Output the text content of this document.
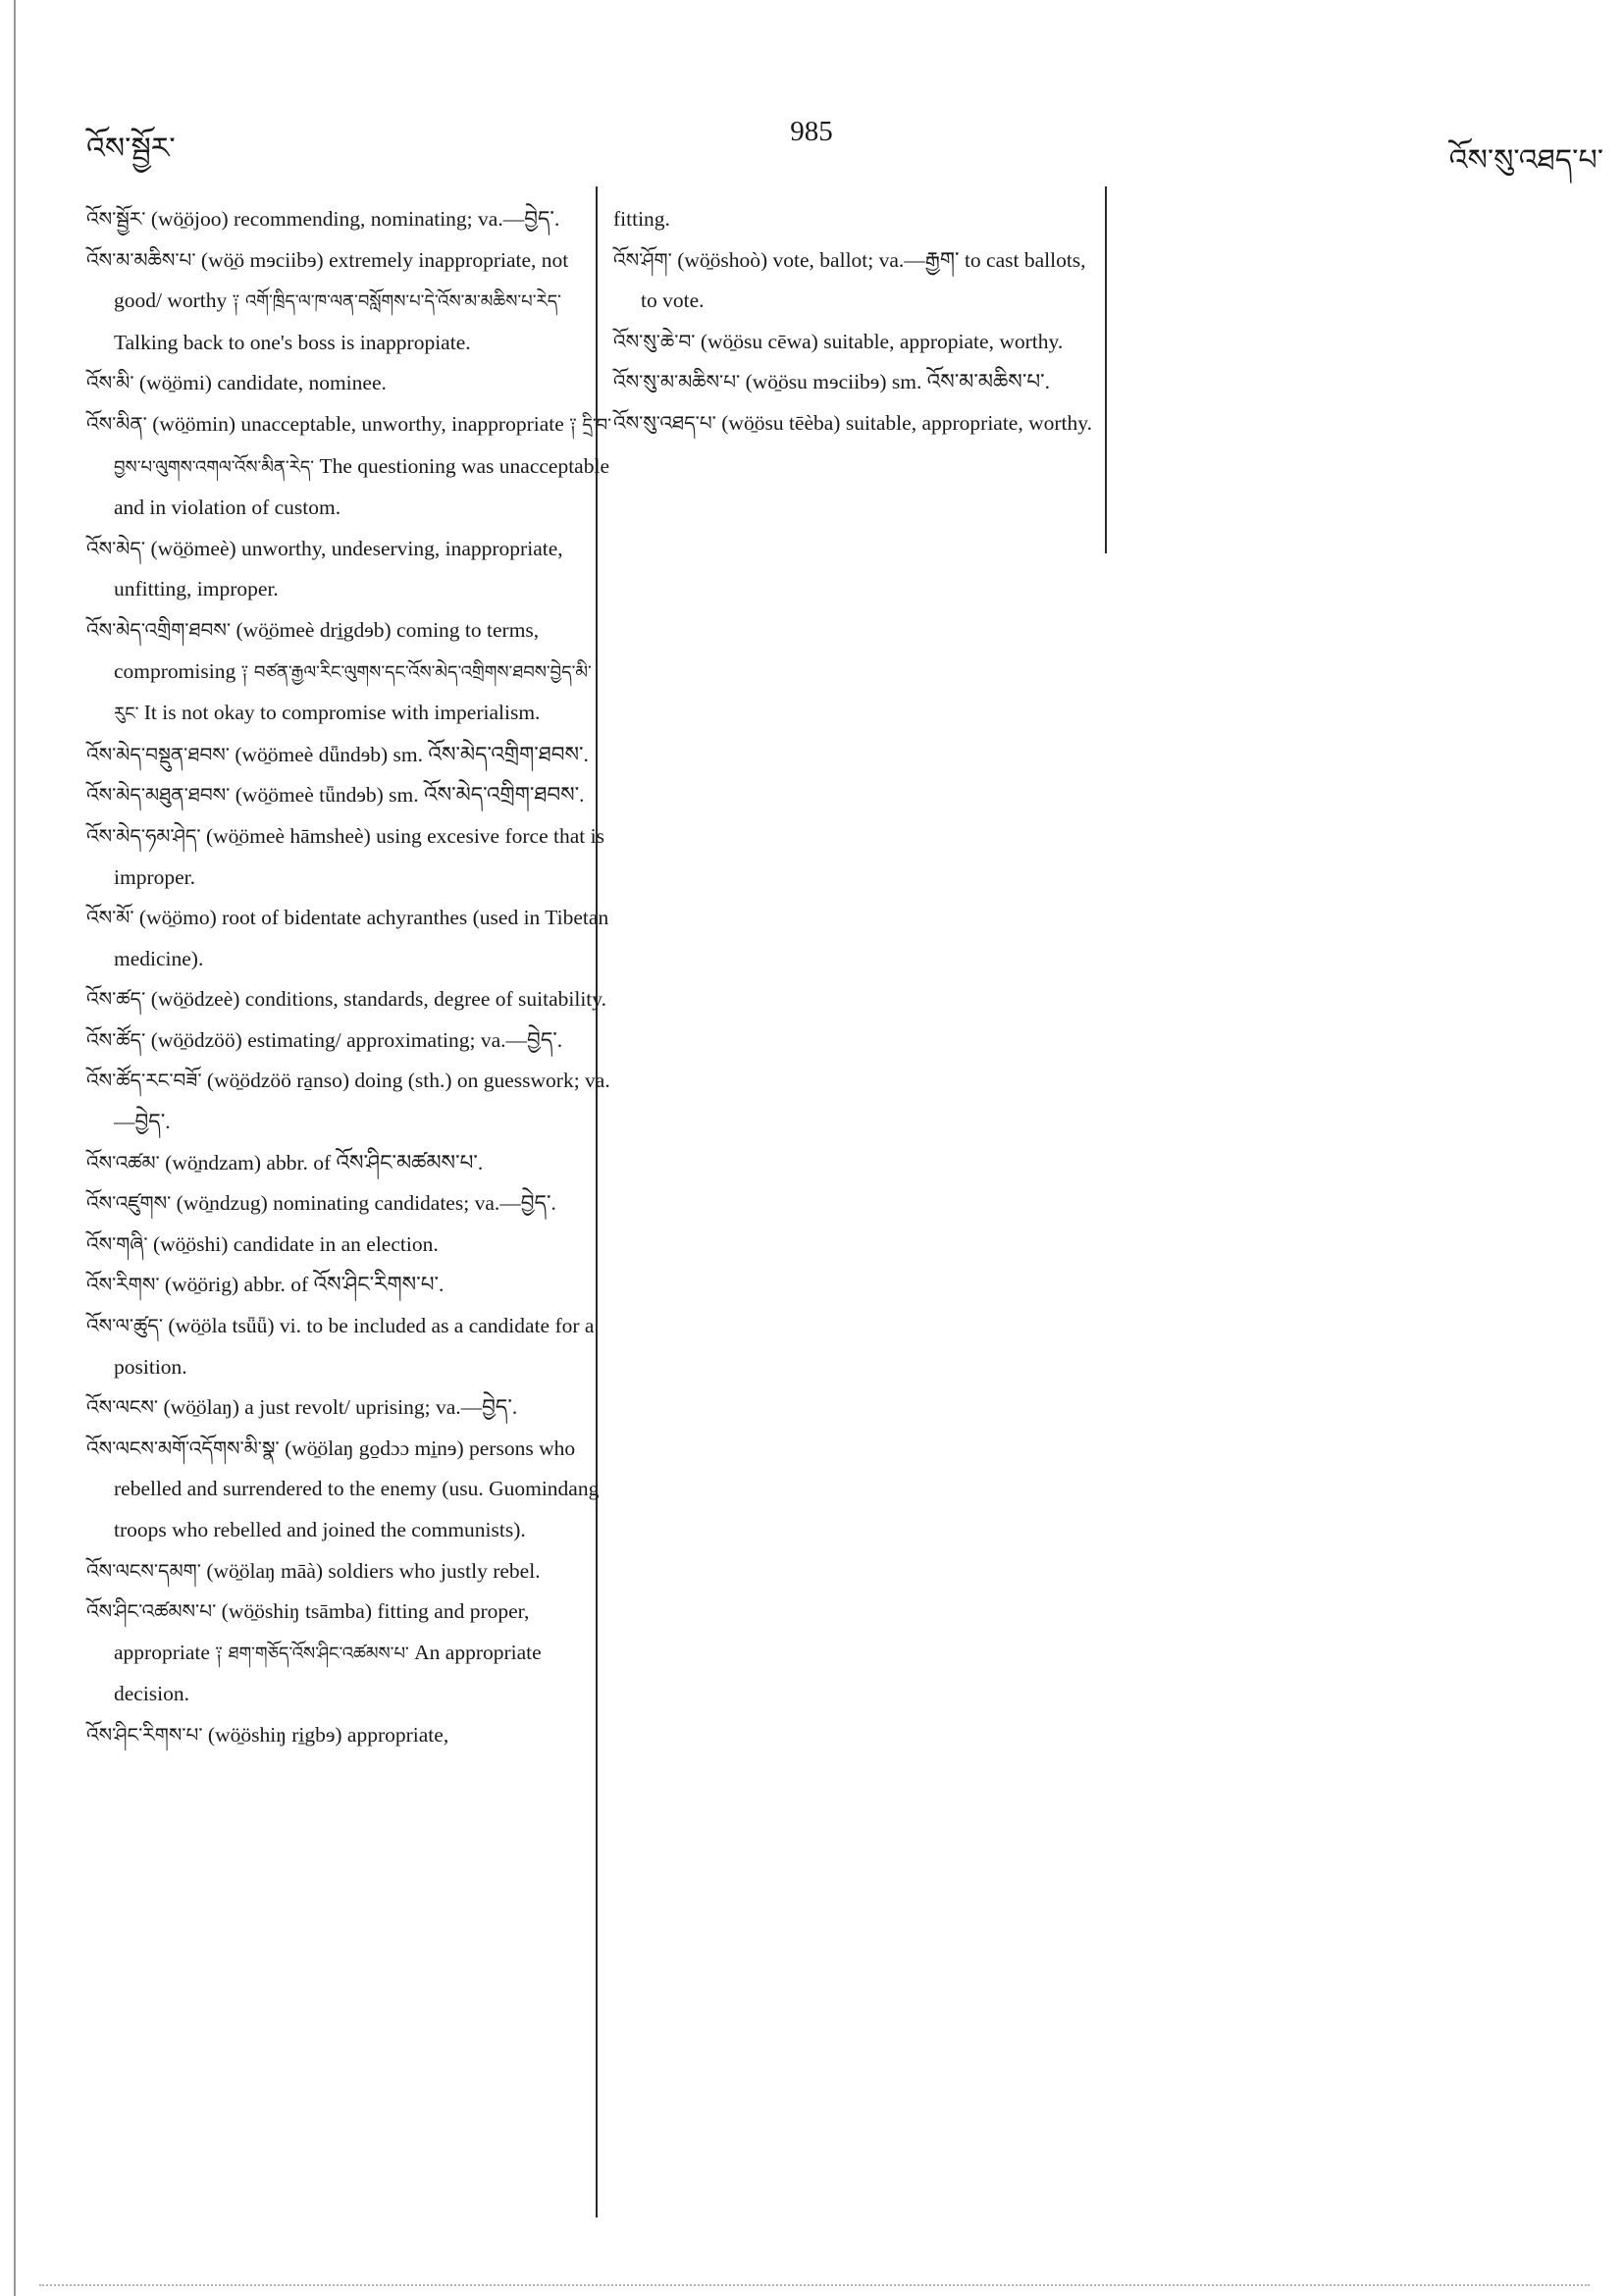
འོས་སྦྱོར་
985
འོས་སུ་འཐད་པ་

འོས་སྦྱོར་ (wö̱öjoo) recommending, nominating; va.—བྱེད་.

འོས་མ་མཆིས་པ་ (wö̱ö mɘciibɘ) extremely inappropriate, not good/ worthy ༑ འགོ་ཁྲིད་ལ་ཁ་ལན་བསློགས་པ་དེ་འོས་མ་མཆིས་པ་རེད་ Talking back to one's boss is inappropiate.

འོས་མི་ (wö̱ömi) candidate, nominee.

འོས་མིན་ (wö̱ömin) unacceptable, unworthy, inappropriate ༑ དྲི་བ་བྱས་པ་ལུགས་འགལ་འོས་མིན་རེད་ The questioning was unacceptable and in violation of custom.

འོས་མེད་ (wö̱ömeè) unworthy, undeserving, inappropriate, unfitting, improper.

འོས་མེད་འགྲིག་ཐབས་ (wö̱ömeè dri̱gdɘb) coming to terms, compromising ༑ བཙན་རྒྱལ་རིང་ལུགས་དང་འོས་མེད་འགྲིགས་ཐབས་བྱེད་མི་རུང་ It is not okay to compromise with imperialism.

འོས་མེད་བསྡུན་ཐབས་ (wö̱ömeè dǖndɘb) sm. འོས་མེད་འགྲིག་ཐབས་.

འོས་མེད་མཐུན་ཐབས་ (wö̱ömeè tǖndɘb) sm. འོས་མེད་འགྲིག་ཐབས་.

འོས་མེད་ཧམ་ཤེད་ (wö̱ömeè hāmsheè) using excesive force that is improper.

འོས་མོ་ (wö̱ömo) root of bidentate achyranthes (used in Tibetan medicine).

འོས་ཚད་ (wö̱ödzeè) conditions, standards, degree of suitability.

འོས་ཚོད་ (wö̱ödzöö) estimating/ approximating; va.—བྱེད་.

འོས་ཚོད་རང་བཟོ་ (wö̱ödzöö ra̱nso) doing (sth.) on guesswork; va.—བྱེད་.

འོས་འཚམ་ (wö̱ndzam) abbr. of འོས་ཤིང་མཚམས་པ་.

འོས་འཛུགས་ (wö̱ndzug) nominating candidates; va.—བྱེད་.

འོས་གཞི་ (wö̱öshi) candidate in an election.

འོས་རིགས་ (wö̱örig) abbr. of འོས་ཤིང་རིགས་པ་.

འོས་ལ་ཚུད་ (wö̱öla tsǖǖ) vi. to be included as a candidate for a position.

འོས་ལངས་ (wö̱ölaŋ) a just revolt/ uprising; va.—བྱེད་.

འོས་ལངས་མགོ་འདོགས་མི་སྣ་ (wö̱ölaŋ go̱dɔɔ mi̱nɘ) persons who rebelled and surrendered to the enemy (usu. Guomindang troops who rebelled and joined the communists).

འོས་ལངས་དམག་ (wö̱ölaŋ māà) soldiers who justly rebel.

འོས་ཤིང་འཚམས་པ་ (wö̱öshiŋ tsāmba) fitting and proper, appropriate ༑ ཐག་གཅོད་འོས་ཤིང་འཚམས་པ་ An appropriate decision.

འོས་ཤིང་རིགས་པ་ (wö̱öshiŋ ri̱gbɘ) appropriate,

fitting.

འོས་ཤོག་ (wö̱öshoò) vote, ballot; va.—རྒྱག་ to cast ballots, to vote.

འོས་སུ་ཆེ་བ་ (wö̱ösu cēwa) suitable, appropiate, worthy.

འོས་སུ་མ་མཆིས་པ་ (wö̱ösu mɘciibɘ) sm. འོས་མ་མཆིས་པ་.

འོས་སུ་འཐད་པ་ (wö̱ösu tēèba) suitable, appropriate, worthy.
